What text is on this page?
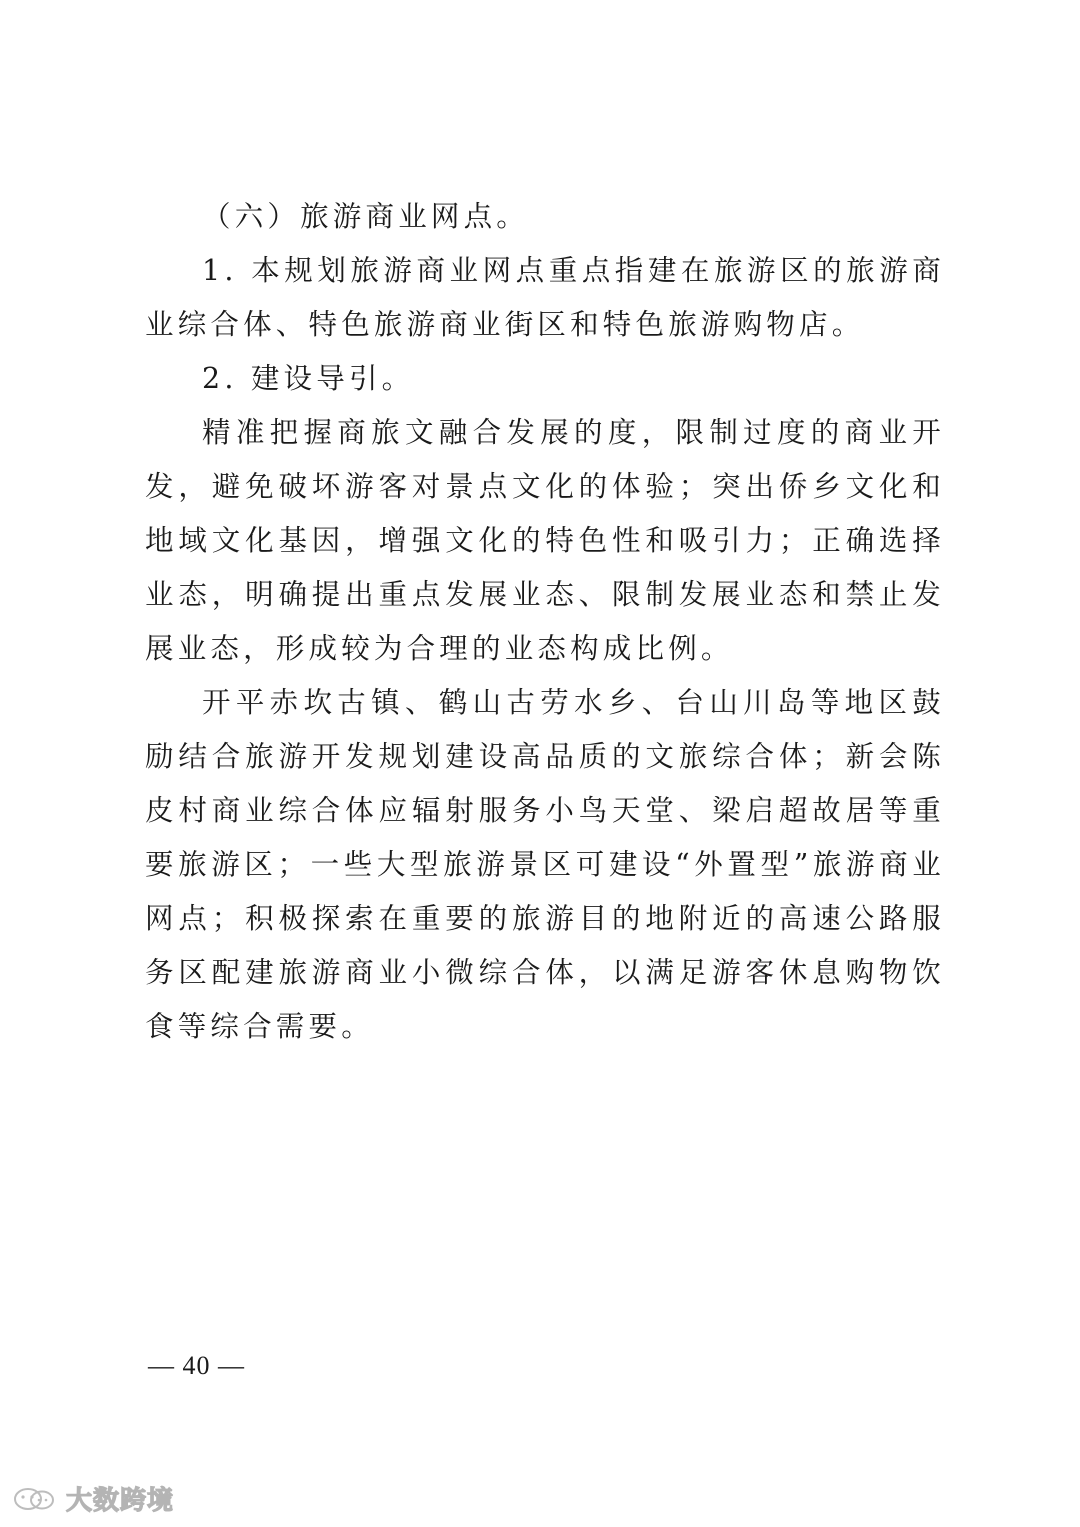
（六）旅游商业网点。

1. 本规划旅游商业网点重点指建在旅游区的旅游商业综合体、特色旅游商业街区和特色旅游购物店。

2. 建设导引。

精准把握商旅文融合发展的度，限制过度的商业开发，避免破坏游客对景点文化的体验；突出侨乡文化和地域文化基因，增强文化的特色性和吸引力；正确选择业态，明确提出重点发展业态、限制发展业态和禁止发展业态，形成较为合理的业态构成比例。

开平赤坎古镇、鹤山古劳水乡、台山川岛等地区鼓励结合旅游开发规划建设高品质的文旅综合体；新会陈皮村商业综合体应辐射服务小鸟天堂、梁启超故居等重要旅游区；一些大型旅游景区可建设“外置型”旅游商业网点；积极探索在重要的旅游目的地附近的高速公路服务区配建旅游商业小微综合体，以满足游客休息购物饮食等综合需要。

— 40 —
大数跨境
